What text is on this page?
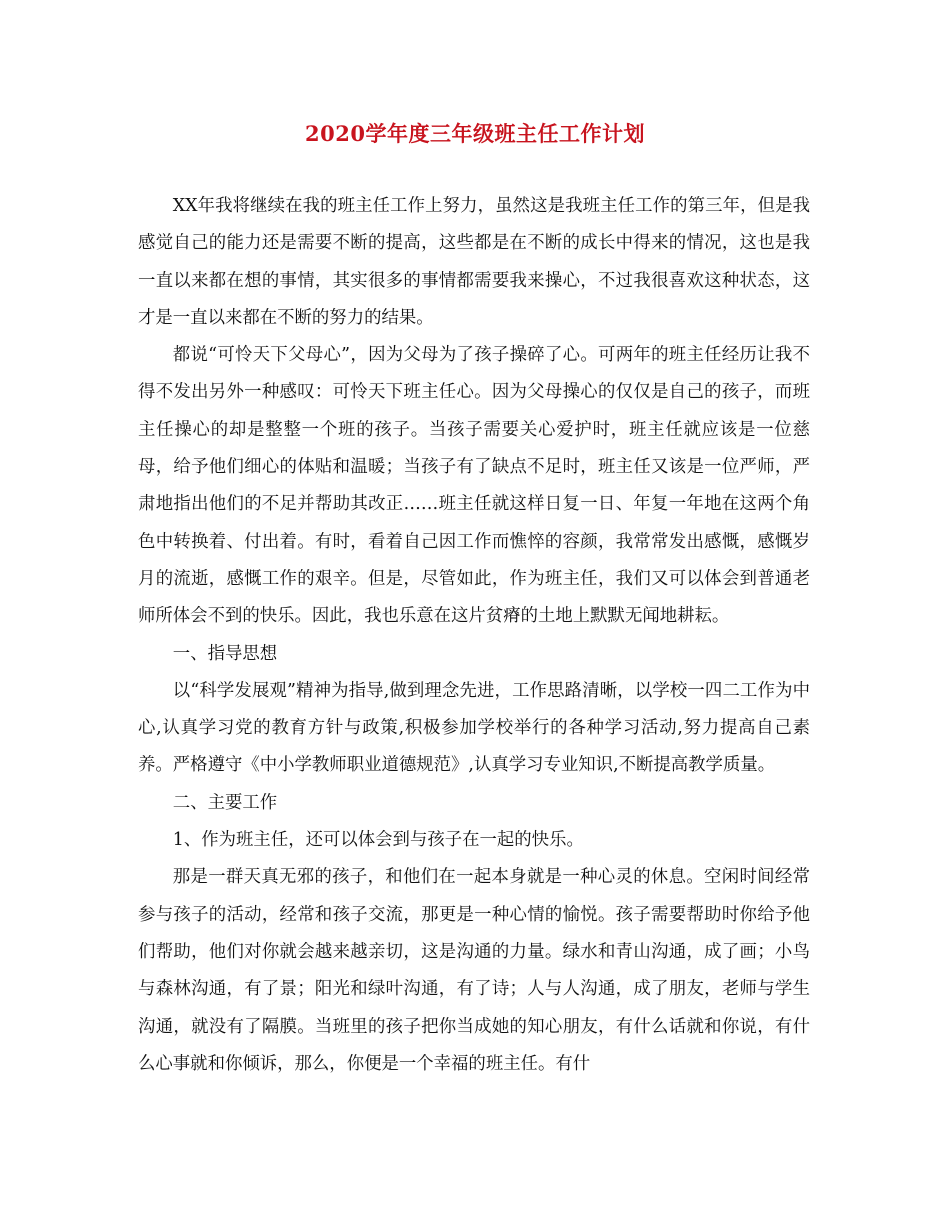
2020学年度三年级班主任工作计划

XX年我将继续在我的班主任工作上努力，虽然这是我班主任工作的第三年，但是我感觉自己的能力还是需要不断的提高，这些都是在不断的成长中得来的情况，这也是我一直以来都在想的事情，其实很多的事情都需要我来操心，不过我很喜欢这种状态，这才是一直以来都在不断的努力的结果。

都说“可怜天下父母心”，因为父母为了孩子操碎了心。可两年的班主任经历让我不得不发出另外一种感叹：可怜天下班主任心。因为父母操心的仅仅是自己的孩子，而班主任操心的却是整整一个班的孩子。当孩子需要关心爱护时，班主任就应该是一位慈母，给予他们细心的体贴和温暖；当孩子有了缺点不足时，班主任又该是一位严师，严肃地指出他们的不足并帮助其改正……班主任就这样日复一日、年复一年地在这两个角色中转换着、付出着。有时，看着自己因工作而憔悴的容颜，我常常发出感慨，感慨岁月的流逝，感慨工作的艰辛。但是，尽管如此，作为班主任，我们又可以体会到普通老师所体会不到的快乐。因此，我也乐意在这片贫瘠的土地上默默无闻地耕耘。

一、指导思想

以“科学发展观”精神为指导,做到理念先进，工作思路清晰，以学校一四二工作为中心,认真学习党的教育方针与政策,积极参加学校举行的各种学习活动,努力提高自己素养。严格遵守《中小学教师职业道德规范》,认真学习专业知识,不断提高教学质量。

二、主要工作

1、作为班主任，还可以体会到与孩子在一起的快乐。

那是一群天真无邪的孩子，和他们在一起本身就是一种心灵的休息。空闲时间经常参与孩子的活动，经常和孩子交流，那更是一种心情的愉悦。孩子需要帮助时你给予他们帮助，他们对你就会越来越亲切，这是沟通的力量。绿水和青山沟通，成了画；小鸟与森林沟通，有了景；阳光和绿叶沟通，有了诗；人与人沟通，成了朋友，老师与学生沟通，就没有了隔膜。当班里的孩子把你当成她的知心朋友，有什么话就和你说，有什么心事就和你倾诉，那么，你便是一个幸福的班主任。有什
